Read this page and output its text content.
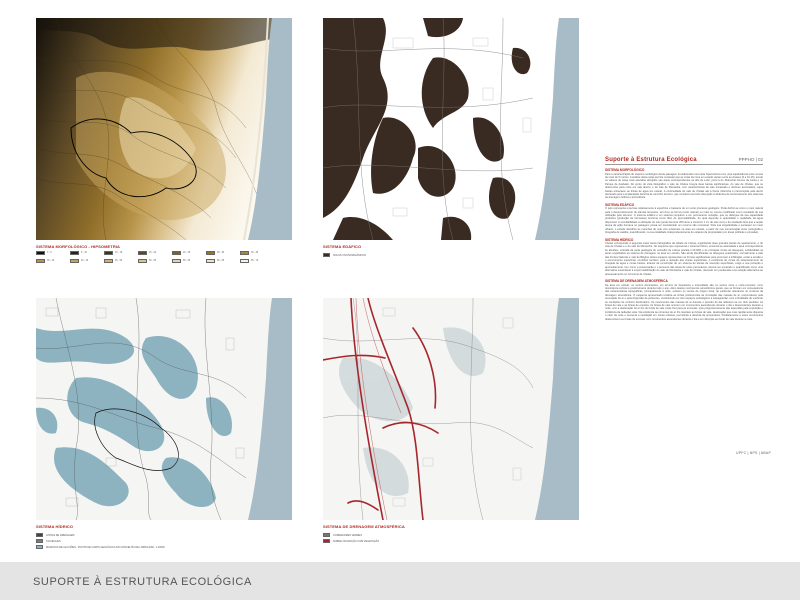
SISTEMA MORFOLÓGICO - HIPSOMETRIA
0 - 5	5 - 10	10 - 15	15 - 20	20 - 25	25 - 30	30 - 35
35 - 40	40 - 45	45 - 50	50 - 55	55 - 60	60 - 65	65 - 70
SISTEMA EDÁFICO
SOLOS VIVOS/ORGÂNICOS
SISTEMA HÍDRICO
LINHAS DE DRENAGEM
TALVEGUES
MANCHAS DE ALUVIÕES - PONTO DE CARTA GEOLÓGICA DO CONCELHO DE LISBOA ESC. 1:10000
SISTEMA DE DRENAGEM ATMOSFÉRICA
CORREDORES VERDES
SOBRE OCUPAÇÃO COM VEGETAÇÃO
Suporte à Estrutura Ecológica	PPPHO | 02
SISTEMA MORFOLÓGICO
Para a caracterização do sistema morfológico desta paisagem foi elaborada uma carta hipsométrica com uma equidistância entre curvas de nível de 5 metros. A análise desta carta permite constatar que as cotas da zona em estudo variam entre as classes (0 a 10-15), sendo os valores de cotas mais elevadas atingidos nas áreas correspondentes ao alto de Lobo, junto à Av. Marechal Gomes da Costa e no Parque de Acabado. Do ponto de vista fisiográfico o vale de Chelas integra duas bacias significativas, do vale de Chelas, que se desenvolve para norte em vale aberto, e do vale de Montanha, com características de vale encaixado e declives acentuados, cujas bacias entrecaem as linhas de água em estudo. A continuidade do vale de Chelas até à frente ribeirinha é interrompida pela aterro efectuado para a implantação da linha de caminho de ferro, que constitui uma forte disrupção à dinâmica de funcionamento dos sistemas de drenagem hídrica e atmosférica.
SISTEMA EDÁFICO
O solo representa uma fase relativamente à superfície e bastante de um certo processo geológico. Pode definir-se como o meio natural para o desenvolvimento de plantas terrestres, tal como se formou (solo natural) ou mais ou menos modificado como resultado da sua utilização pelo Homem. O sistema edáfico é um sistema complexo e em permanente mutação, que se distingue da sua capacidade produtiva (produção de biomassa) funciona como filtro de permeabilidade, do qual depende a quantidade e qualidade da água disponível. A vinculabilidade à utilização do solo (pode demorar 250 anos a construir 1 cm de solo vivo) e de rarefação leva que a acção tampa da ação humana no paisagem possa ser considerado um recurso não renovável. Pela sua singularidade e escassez em meio urbano, o estudo identifica as manchas de solo vivo existentes na área em estudo, a partir de sua comunicação entre cartografia e fotografia de satélite, quantificando, na sua totalidade independentemente do estatuto da propriedade (em áreas públicas e privadas).
SISTEMA HÍDRICO
Chelas corresponde à segunda maior bacia hidrográfica da cidade de Lisboa, englobando duas grandes bacias de apartamento, o do vale de Chelas e o do vale de Montanha. No esquema que representa o sistema hídrico, encontra-se assinalada a área correspondente às aluviões, extraída da carta geológica do concelho de Lisboa (escala 1:10.000) e as principais zonas de talvegues, subdivididas as áreas englobadas ao sistema de drenagem na área em estudo. São ainda identificadas as talvegues suavizados, normalmente a vale das Fontes Naturais e vale de Bélgica. Estes espaços representam as formas significativas para promover a infiltração, evitar a erosão e o escorrimento superficial, contribuir também para a redução das cheias superficiais. A existência de zonas de estacionamento de chegada de água e zonas baixas, através da construção de um sistema de bacias de retenção superficiais, exige a sua proteção e aproveitamento, tem como a preservação e o aumento das áreas de solos permeáveis, deverá ser encarado e quantificado como uma alternativa sustentável à impermeabilização do vale de Montanha e vale de Chelas, devendo ser ponderada uma solução alternativa ao atravessamento no Convento de Chelas.
SISTEMA DE DRENAGEM ATMOSFÉRICA
Na área em estudo, os ventos dominantes, em termos de frequência e intensidade são os ventos norte e norte-noroeste. Com dominância vertical e predominante durante todo o ano. Além destes movimentos atmosféricos gerais, que se formam em consequência das características topográficas, principalmente à noite, existem os ventos de origem local, de particular relevância no contexto da drenagem atmosférica. O esquema apresentado localiza as linhas preferenciais de circulação das massas de ar, responsáveis pela renovação do ar e pela dispersão de poluentes, constituindo por isso espaços estratégicos a salvaguardar, com a finalidade de melhorar as condições de conforto bioclimático. Os movimentos das massas de ar durante o período do dia reflectem-se em dois sentidos: As brisas do vale e as brisas de encosta. As brisas de vale ocorrem em movimentos ascendentes durante o dia e descendentes durante a noite, com a deslocação do ar frio do fundo do vale (mais frio) para as encostas. Que progressivamente são aquecidas pela exposição e incidência da radiação solar. Da existência às correntes de ar frio resultam as brisas de vale, deslocação que mais rapidamente dispersa o calor da noite e aumenta a ventilação em zonas urbanas, permitindo a descida da temperatura. Paralelamente a estes movimentos desenvolvem-se brisas de encosta, com movimentos ascendentes durante o dia e em direcção ao fundo do vale durante a noite.
UPFC | NPS | ABAP
SUPORTE À ESTRUTURA ECOLÓGICA
